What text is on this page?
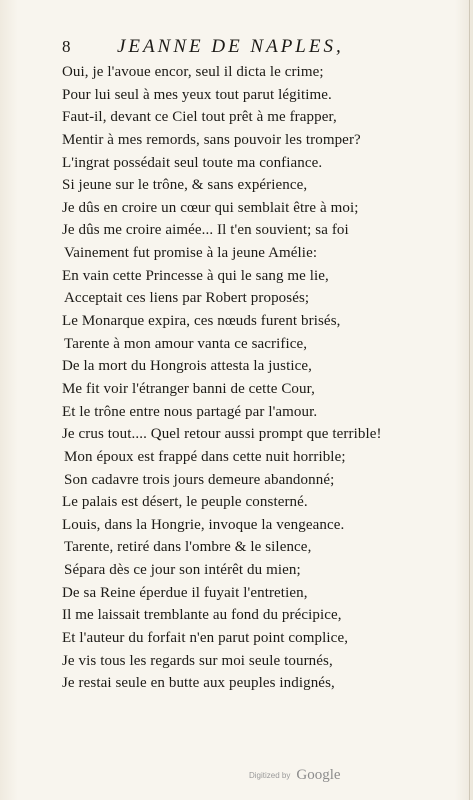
8 JEANNE DE NAPLES,
Oui, je l'avoue encor, seul il dicta le crime;
Pour lui seul à mes yeux tout parut légitime.
Faut-il, devant ce Ciel tout prêt à me frapper,
Mentir à mes remords, sans pouvoir les tromper?
L'ingrat possédait seul toute ma confiance.
Si jeune sur le trône, & sans expérience,
Je dûs en croire un cœur qui semblait être à moi;
Je dûs me croire aimée... Il t'en souvient; sa foi
Vainement fut promise à la jeune Amélie:
En vain cette Princesse à qui le sang me lie,
Acceptait ces liens par Robert proposés;
Le Monarque expira, ces nœuds furent brisés,
Tarente à mon amour vanta ce sacrifice,
De la mort du Hongrois attesta la justice,
Me fit voir l'étranger banni de cette Cour,
Et le trône entre nous partagé par l'amour.
Je crus tout.... Quel retour aussi prompt que terrible!
Mon époux est frappé dans cette nuit horrible;
Son cadavre trois jours demeure abandonné;
Le palais est désert, le peuple consterné.
Louis, dans la Hongrie, invoque la vengeance.
Tarente, retiré dans l'ombre & le silence,
Sépara dès ce jour son intérêt du mien;
De sa Reine éperdue il fuyait l'entretien,
Il me laissait tremblante au fond du précipice,
Et l'auteur du forfait n'en parut point complice,
Je vis tous les regards sur moi seule tournés,
Je restai seule en butte aux peuples indignés,
Digitized by Google
